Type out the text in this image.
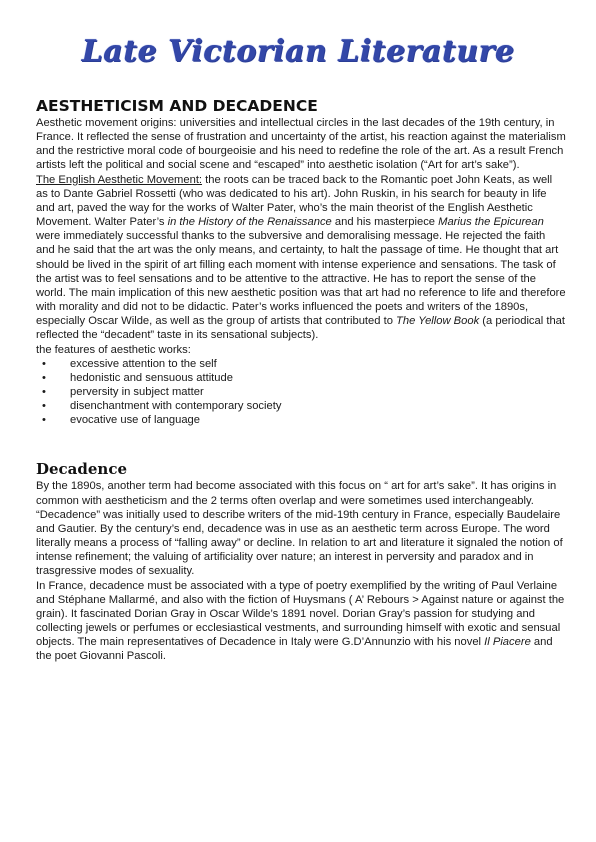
Late Victorian Literature
AESTHETICISM AND DECADENCE

Aesthetic movement origins: universities and intellectual circles in the last decades of the 19th century, in France. It reflected the sense of frustration and uncertainty of the artist, his reaction against the materialism and the restrictive moral code of bourgeoisie and his need to redefine the role of the art. As a result French artists left the political and social scene and “escaped” into aesthetic isolation (“Art for art’s sake”).

The English Aesthetic Movement: the roots can be traced back to the Romantic poet John Keats, as well as to Dante Gabriel Rossetti (who was dedicated to his art). John Ruskin, in his search for beauty in life and art, paved the way for the works of Walter Pater, who’s the main theorist of the English Aesthetic Movement. Walter Pater’s in the History of the Renaissance and his masterpiece Marius the Epicurean were immediately successful thanks to the subversive and demoralising message. He rejected the faith and he said that the art was the only means, and certainty, to halt the passage of time. He thought that art should be lived in the spirit of art filling each moment with intense experience and sensations. The task of the artist was to feel sensations and to be attentive to the attractive. He has to report the sense of the world. The main implication of this new aesthetic position was that art had no reference to life and therefore with morality and did not to be didactic. Pater’s works influenced the poets and writers of the 1890s, especially Oscar Wilde, as well as the group of artists that contributed to The Yellow Book (a periodical that reflected the “decadent” taste in its sensational subjects).

the features of aesthetic works:

• excessive attention to the self
• hedonistic and sensuous attitude
• perversity in subject matter
• disenchantment with contemporary society
• evocative use of language
Decadence

By the 1890s, another term had become associated with this focus on “ art for art’s sake”. It has origins in common with aestheticism and the 2 terms often overlap and were sometimes used interchangeably. “Decadence” was initially used to describe writers of the mid-19th century in France, especially Baudelaire and Gautier. By the century’s end, decadence was in use as an aesthetic term across Europe. The word literally means a process of “falling away” or decline. In relation to art and literature it signaled the notion of intense refinement; the valuing of artificiality over nature; an interest in perversity and paradox and in trasgressive modes of sexuality.

In France, decadence must be associated with a type of poetry exemplified by the writing of Paul Verlaine and Stéphane Mallarmé, and also with the fiction of Huysmans ( A’ Rebours > Against nature or against the grain). It fascinated Dorian Gray in Oscar Wilde’s 1891 novel. Dorian Gray’s passion for studying and collecting jewels or perfumes or ecclesiastical vestments, and surrounding himself with exotic and sensual objects. The main representatives of Decadence in Italy were G.D’Annunzio with his novel Il Piacere and the poet Giovanni Pascoli.
